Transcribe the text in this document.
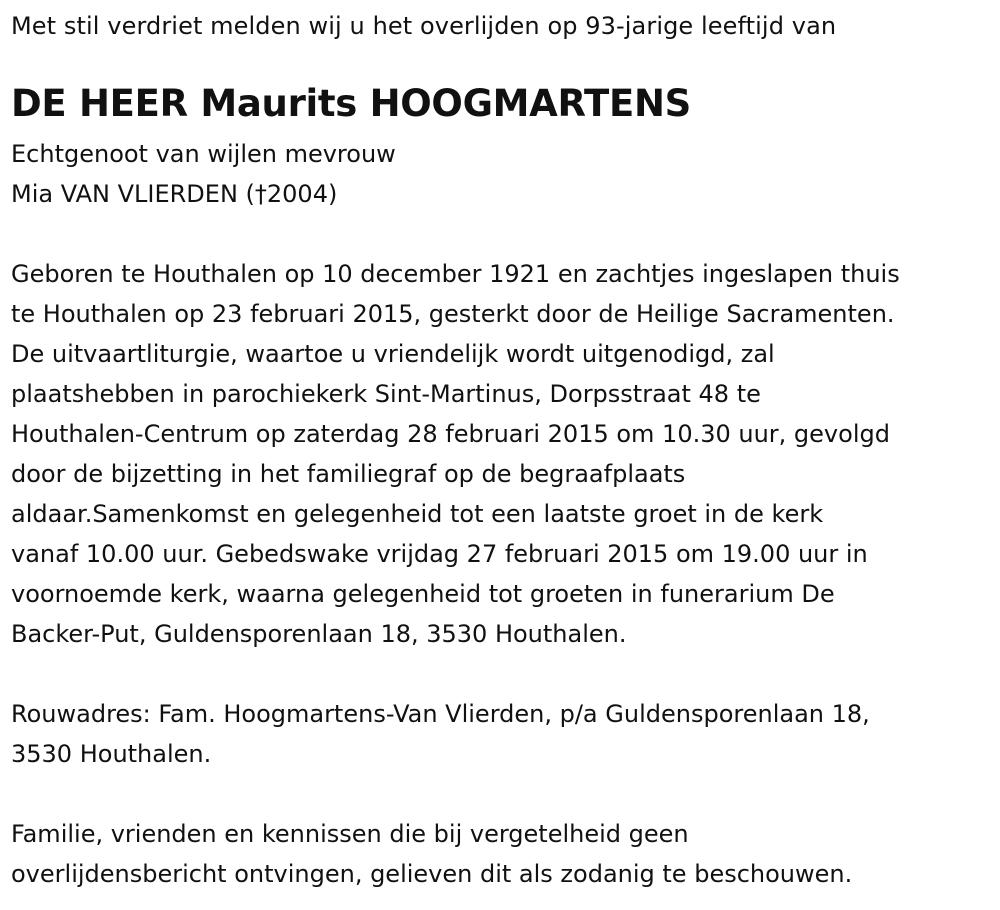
Met stil verdriet melden wij u het overlijden op 93-jarige leeftijd van
DE HEER Maurits HOOGMARTENS
Echtgenoot van wijlen mevrouw
Mia VAN VLIERDEN (†2004)
Geboren te Houthalen op 10 december 1921 en zachtjes ingeslapen thuis
te Houthalen op 23 februari 2015, gesterkt door de Heilige Sacramenten.
De uitvaartliturgie, waartoe u vriendelijk wordt uitgenodigd, zal
plaatshebben in parochiekerk Sint-Martinus, Dorpsstraat 48 te
Houthalen-Centrum op zaterdag 28 februari 2015 om 10.30 uur, gevolgd
door de bijzetting in het familiegraf op de begraafplaats
aldaar.Samenkomst en gelegenheid tot een laatste groet in de kerk
vanaf 10.00 uur. Gebedswake vrijdag 27 februari 2015 om 19.00 uur in
voornoemde kerk, waarna gelegenheid tot groeten in funerarium De
Backer-Put, Guldensporenlaan 18, 3530 Houthalen.
Rouwadres: Fam. Hoogmartens-Van Vlierden, p/a Guldensporenlaan 18,
3530 Houthalen.
Familie, vrienden en kennissen die bij vergetelheid geen
overlijdensbericht ontvingen, gelieven dit als zodanig te beschouwen.
